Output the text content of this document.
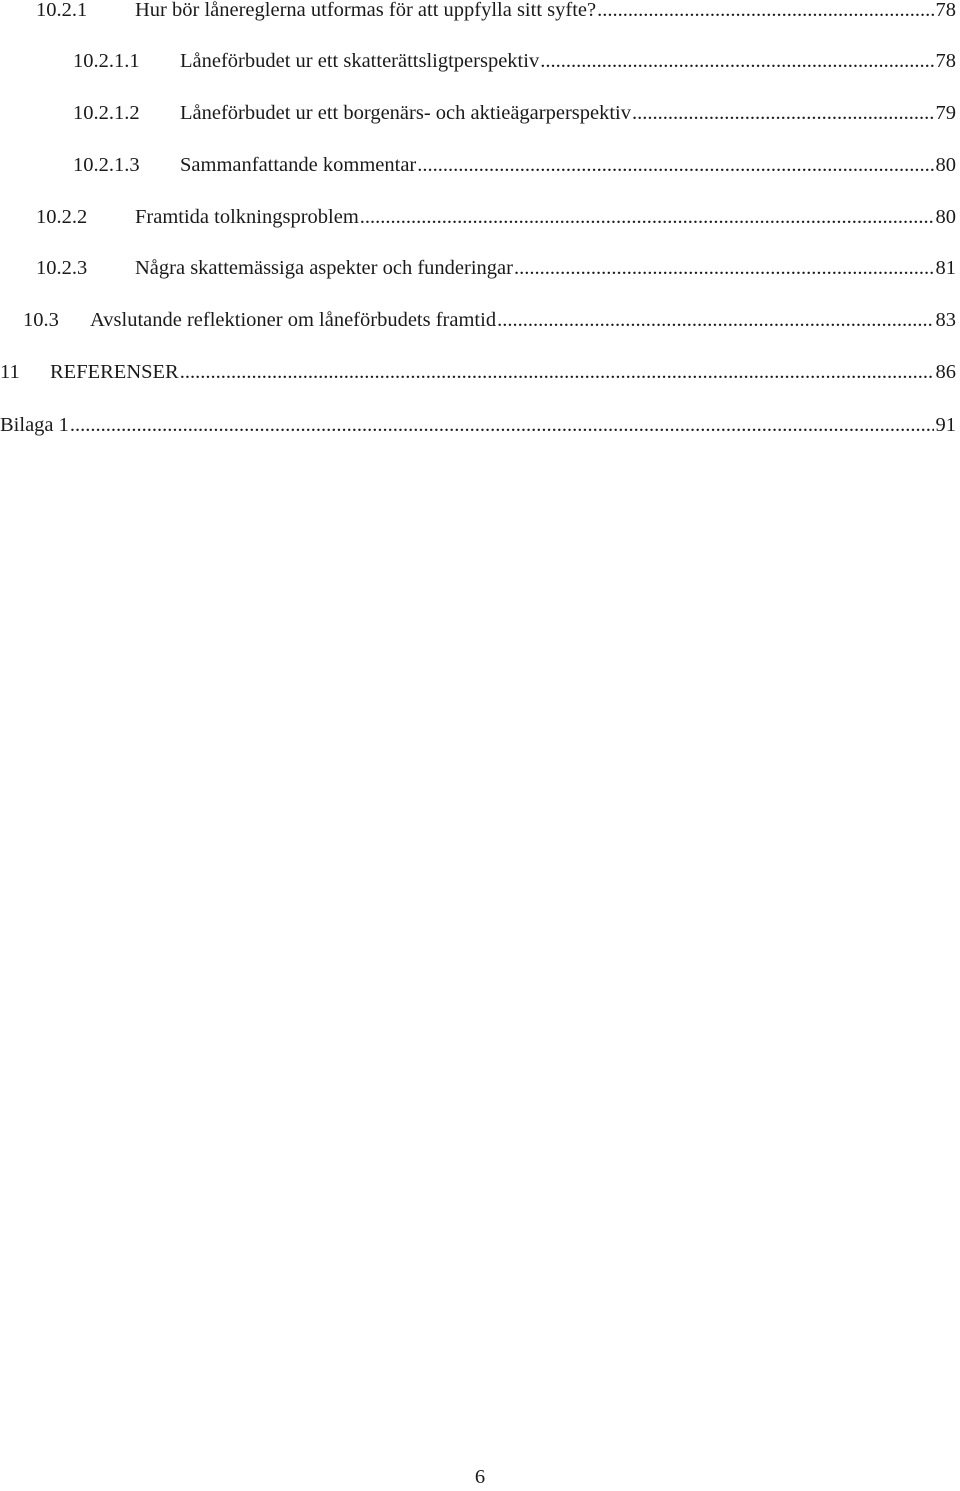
10.2.1	Hur bör lånereglerna utformas för att uppfylla sitt syfte? .....	78
10.2.1.1	Låneförbudet ur ett skatterättsligtperspektiv .....	78
10.2.1.2	Låneförbudet ur ett borgenärs- och aktieägarperspektiv .....	79
10.2.1.3	Sammanfattande kommentar .....	80
10.2.2	Framtida tolkningsproblem .....	80
10.2.3	Några skattemässiga aspekter och funderingar .....	81
10.3	Avslutande reflektioner om låneförbudets framtid .....	83
11	REFERENSER .....	86
Bilaga 1 .....	91
6
